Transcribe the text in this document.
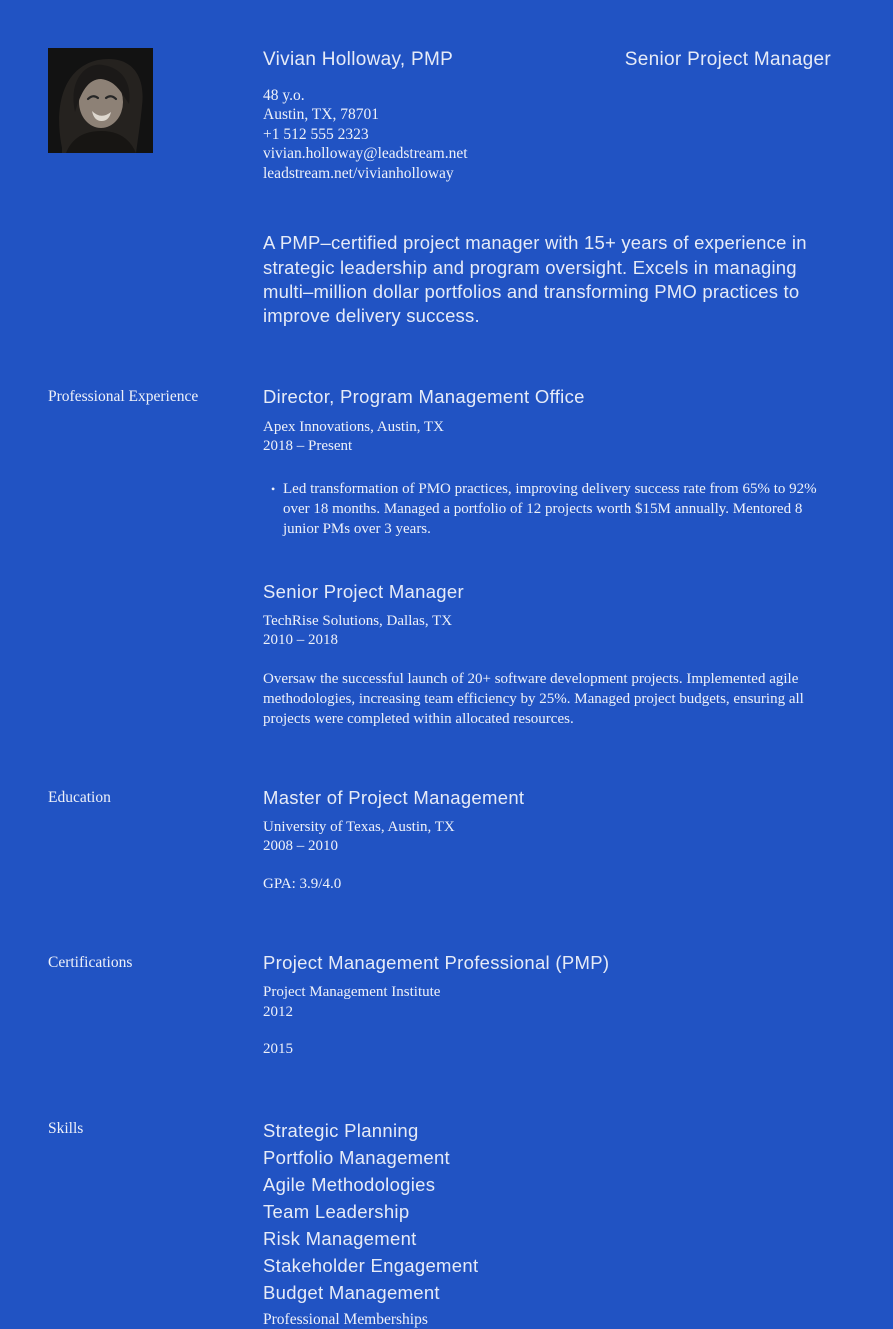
Vivian Holloway, PMP	Senior Project Manager
48 y.o.
Austin, TX, 78701
+1 512 555 2323
vivian.holloway@leadstream.net
leadstream.net/vivianholloway

A PMP–certified project manager with 15+ years of experience in strategic leadership and program oversight. Excels in managing multi–million dollar portfolios and transforming PMO practices to improve delivery success.

Professional Experience	Director, Program Management Office
Apex Innovations, Austin, TX
2018 – Present
• Led transformation of PMO practices, improving delivery success rate from 65% to 92% over 18 months. Managed a portfolio of 12 projects worth $15M annually. Mentored 8 junior PMs over 3 years.
Senior Project Manager
TechRise Solutions, Dallas, TX
2010 – 2018

Oversaw the successful launch of 20+ software development projects. Implemented agile methodologies, increasing team efficiency by 25%. Managed project budgets, ensuring all projects were completed within allocated resources.

Education	Master of Project Management
University of Texas, Austin, TX
2008 – 2010
GPA: 3.9/4.0
Certifications	Project Management Professional (PMP)
Project Management Institute
2012
2015
Skills	Strategic Planning
Portfolio Management
Agile Methodologies
Team Leadership
Risk Management
Stakeholder Engagement
Budget Management
Professional Memberships
